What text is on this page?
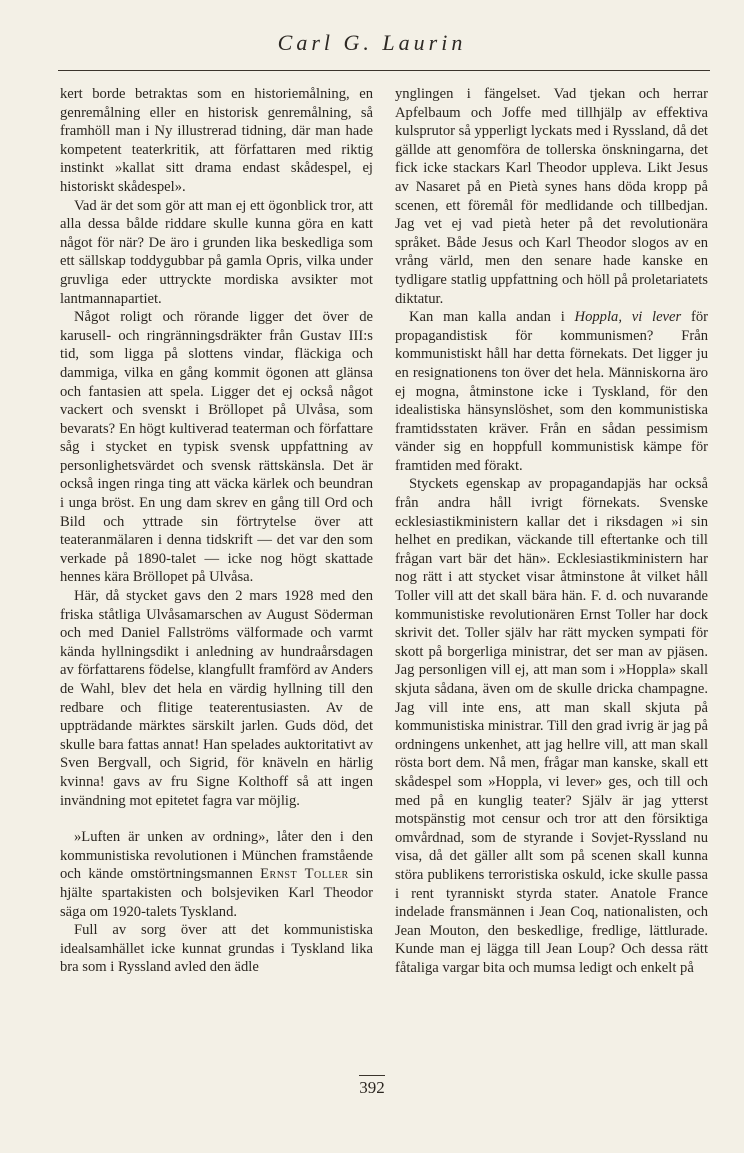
Carl G. Laurin

kert borde betraktas som en historiemålning, en genremålning eller en historisk genremålning, så framhöll man i Ny illustrerad tidning, där man hade kompetent teaterkritik, att författaren med riktig instinkt »kallat sitt drama endast skådespel, ej historiskt skådespel».

Vad är det som gör att man ej ett ögonblick tror, att alla dessa bålde riddare skulle kunna göra en katt något för när? De äro i grunden lika beskedliga som ett sällskap toddygubbar på gamla Opris, vilka under gruvliga eder uttryckte mordiska avsikter mot lantmannapartiet.

Något roligt och rörande ligger det över de karusell- och ringränningsdräkter från Gustav III:s tid, som ligga på slottens vindar, fläckiga och dammiga, vilka en gång kommit ögonen att glänsa och fantasien att spela. Ligger det ej också något vackert och svenskt i Bröllopet på Ulvåsa, som bevarats? En högt kultiverad teaterman och författare såg i stycket en typisk svensk uppfattning av personlighetsvärdet och svensk rättskänsla. Det är också ingen ringa ting att väcka kärlek och beundran i unga bröst. En ung dam skrev en gång till Ord och Bild och yttrade sin förtrytelse över att teateranmälaren i denna tidskrift — det var den som verkade på 1890-talet — icke nog högt skattade hennes kära Bröllopet på Ulvåsa.

Här, då stycket gavs den 2 mars 1928 med den friska ståtliga Ulvåsamarschen av August Söderman och med Daniel Fallströms välformade och varmt kända hyllningsdikt i anledning av hundraårsdagen av författarens födelse, klangfullt framförd av Anders de Wahl, blev det hela en värdig hyllning till den redbare och flitige teaterentusiasten. Av de uppträdande märktes särskilt jarlen. Guds död, det skulle bara fattas annat! Han spelades auktoritativt av Sven Bergvall, och Sigrid, för knäveln en härlig kvinna! gavs av fru Signe Kolthoff så att ingen invändning mot epitetet fagra var möjlig.

»Luften är unken av ordning», låter den i den kommunistiska revolutionen i München framstående och kände omstörtningsmannen Ernst Toller sin hjälte spartakisten och bolsjeviken Karl Theodor säga om 1920-talets Tyskland.

Full av sorg över att det kommunistiska idealsamhället icke kunnat grundas i Tyskland lika bra som i Ryssland avled den ädle

ynglingen i fängelset. Vad tjekan och herrar Apfelbaum och Joffe med tillhjälp av effektiva kulsprutor så ypperligt lyckats med i Ryssland, då det gällde att genomföra de tollerska önskningarna, det fick icke stackars Karl Theodor uppleva. Likt Jesus av Nasaret på en Pietà synes hans döda kropp på scenen, ett föremål för medlidande och tillbedjan. Jag vet ej vad pietà heter på det revolutionära språket. Både Jesus och Karl Theodor slogos av en vrång värld, men den senare hade kanske en tydligare statlig uppfattning och höll på proletariatets diktatur.

Kan man kalla andan i Hoppla, vi lever för propagandistisk för kommunismen? Från kommunistiskt håll har detta förnekats. Det ligger ju en resignationens ton över det hela. Människorna äro ej mogna, åtminstone icke i Tyskland, för den idealistiska hänsynslöshet, som den kommunistiska framtidsstaten kräver. Från en sådan pessimism vänder sig en hoppfull kommunistisk kämpe för framtiden med förakt.

Styckets egenskap av propagandapjäs har också från andra håll ivrigt förnekats. Svenske ecklesiastikministern kallar det i riksdagen »i sin helhet en predikan, väckande till eftertanke och till frågan vart bär det hän». Ecklesiastikministern har nog rätt i att stycket visar åtminstone åt vilket håll Toller vill att det skall bära hän. F. d. och nuvarande kommunistiske revolutionären Ernst Toller har dock skrivit det. Toller själv har rätt mycken sympati för skott på borgerliga ministrar, det ser man av pjäsen. Jag personligen vill ej, att man som i »Hoppla» skall skjuta sådana, även om de skulle dricka champagne. Jag vill inte ens, att man skall skjuta på kommunistiska ministrar. Till den grad ivrig är jag på ordningens unkenhet, att jag hellre vill, att man skall rösta bort dem. Nå men, frågar man kanske, skall ett skådespel som »Hoppla, vi lever» ges, och till och med på en kunglig teater? Själv är jag ytterst motspänstig mot censur och tror att den försiktiga omvårdnad, som de styrande i Sovjet-Ryssland nu visa, då det gäller allt som på scenen skall kunna störa publikens terroristiska oskuld, icke skulle passa i rent tyranniskt styrda stater. Anatole France indelade fransmännen i Jean Coq, nationalisten, och Jean Mouton, den beskedlige, fredlige, lättlurade. Kunde man ej lägga till Jean Loup? Och dessa rätt fåtaliga vargar bita och mumsa ledigt och enkelt på

392
